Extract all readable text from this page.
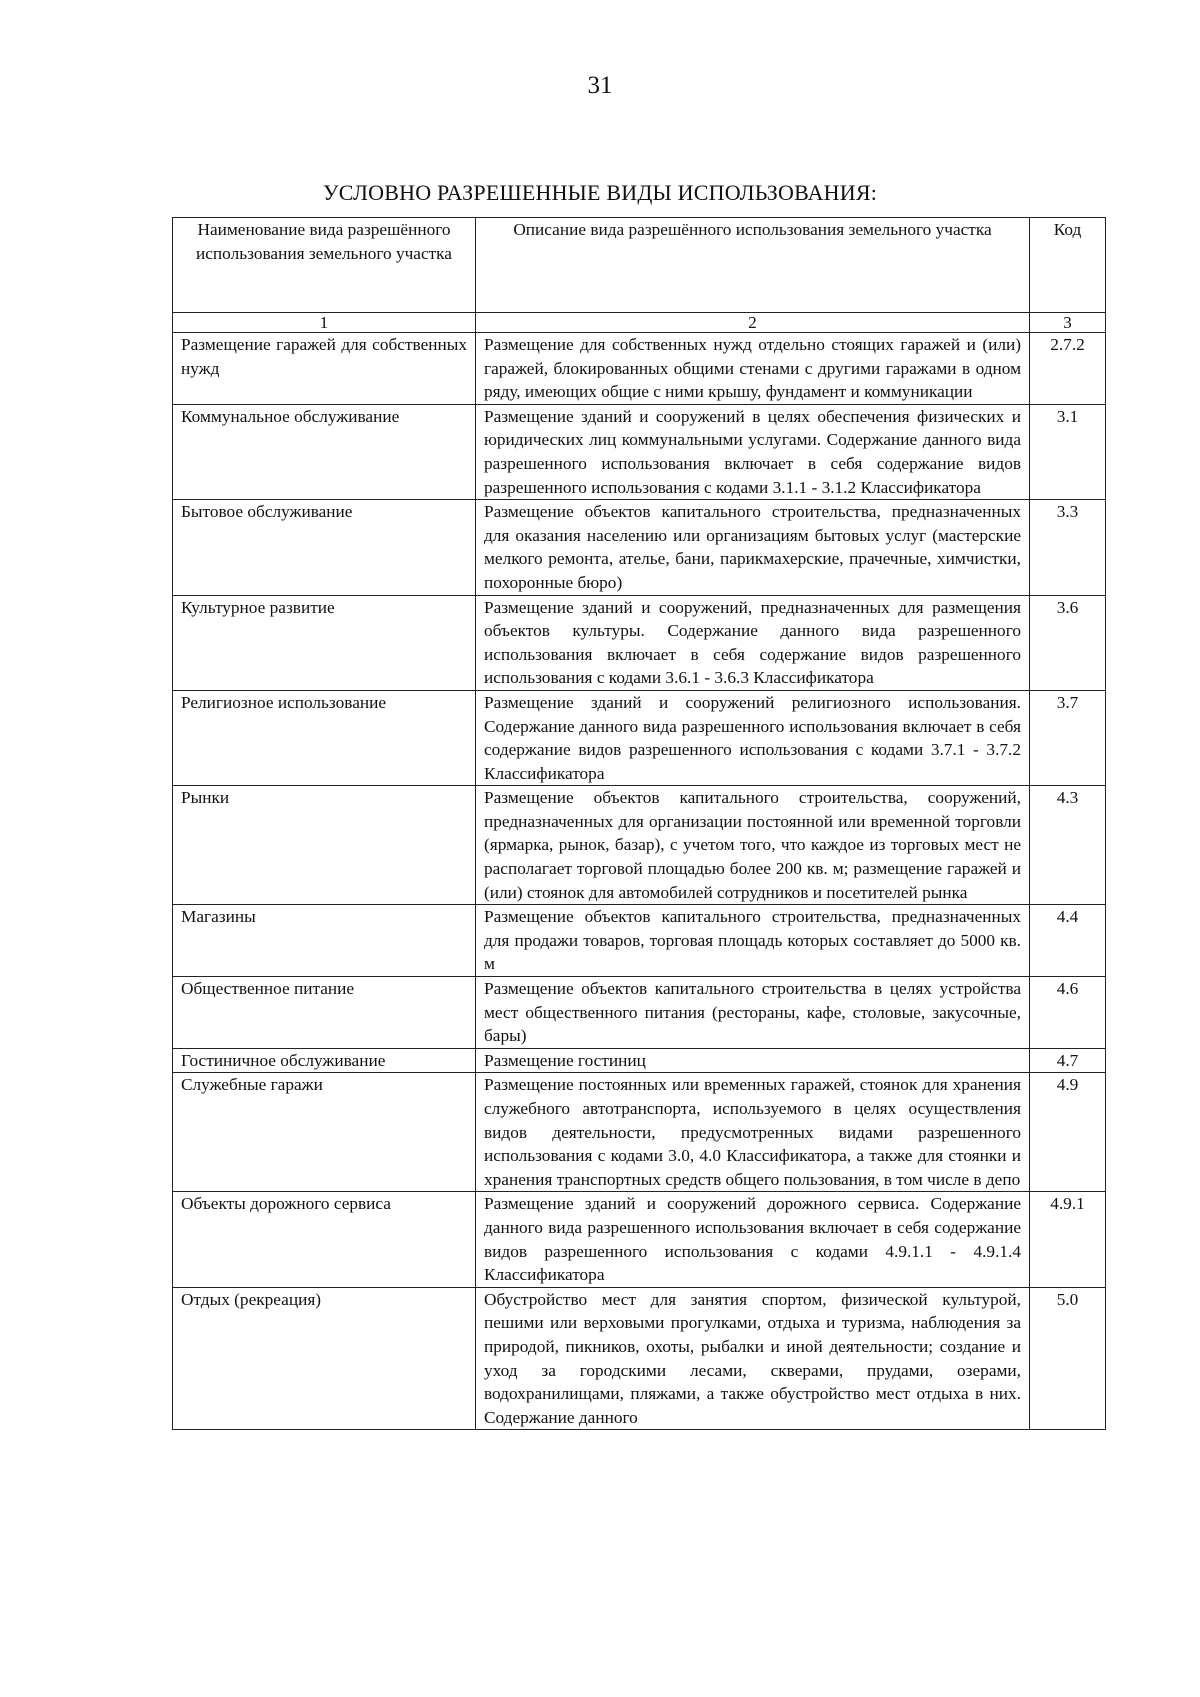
31
УСЛОВНО РАЗРЕШЕННЫЕ ВИДЫ ИСПОЛЬЗОВАНИЯ:
Наименование вида разрешённого использования земельного участка	Описание вида разрешённого использования земельного участка	Код
1	2	3
Размещение гаражей для собственных нужд	Размещение для собственных нужд отдельно стоящих гаражей и (или) гаражей, блокированных общими стенами с другими гаражами в одном ряду, имеющих общие с ними крышу, фундамент и коммуникации	2.7.2
Коммунальное обслуживание	Размещение зданий и сооружений в целях обеспечения физических и юридических лиц коммунальными услугами. Содержание данного вида разрешенного использования включает в себя содержание видов разрешенного использования с кодами 3.1.1 - 3.1.2 Классификатора	3.1
Бытовое обслуживание	Размещение объектов капитального строительства, предназначенных для оказания населению или организациям бытовых услуг (мастерские мелкого ремонта, ателье, бани, парикмахерские, прачечные, химчистки, похоронные бюро)	3.3
Культурное развитие	Размещение зданий и сооружений, предназначенных для размещения объектов культуры. Содержание данного вида разрешенного использования включает в себя содержание видов разрешенного использования с кодами 3.6.1 - 3.6.3 Классификатора	3.6
Религиозное использование	Размещение зданий и сооружений религиозного использования. Содержание данного вида разрешенного использования включает в себя содержание видов разрешенного использования с кодами 3.7.1 - 3.7.2 Классификатора	3.7
Рынки	Размещение объектов капитального строительства, сооружений, предназначенных для организации постоянной или временной торговли (ярмарка, рынок, базар), с учетом того, что каждое из торговых мест не располагает торговой площадью более 200 кв. м; размещение гаражей и (или) стоянок для автомобилей сотрудников и посетителей рынка	4.3
Магазины	Размещение объектов капитального строительства, предназначенных для продажи товаров, торговая площадь которых составляет до 5000 кв. м	4.4
Общественное питание	Размещение объектов капитального строительства в целях устройства мест общественного питания (рестораны, кафе, столовые, закусочные, бары)	4.6
Гостиничное обслуживание	Размещение гостиниц	4.7
Служебные гаражи	Размещение постоянных или временных гаражей, стоянок для хранения служебного автотранспорта, используемого в целях осуществления видов деятельности, предусмотренных видами разрешенного использования с кодами 3.0, 4.0 Классификатора, а также для стоянки и хранения транспортных средств общего пользования, в том числе в депо	4.9
Объекты дорожного сервиса	Размещение зданий и сооружений дорожного сервиса. Содержание данного вида разрешенного использования включает в себя содержание видов разрешенного использования с кодами 4.9.1.1 - 4.9.1.4 Классификатора	4.9.1
Отдых (рекреация)	Обустройство мест для занятия спортом, физической культурой, пешими или верховыми прогулками, отдыха и туризма, наблюдения за природой, пикников, охоты, рыбалки и иной деятельности; создание и уход за городскими лесами, скверами, прудами, озерами, водохранилищами, пляжами, а также обустройство мест отдыха в них. Содержание данного	5.0
